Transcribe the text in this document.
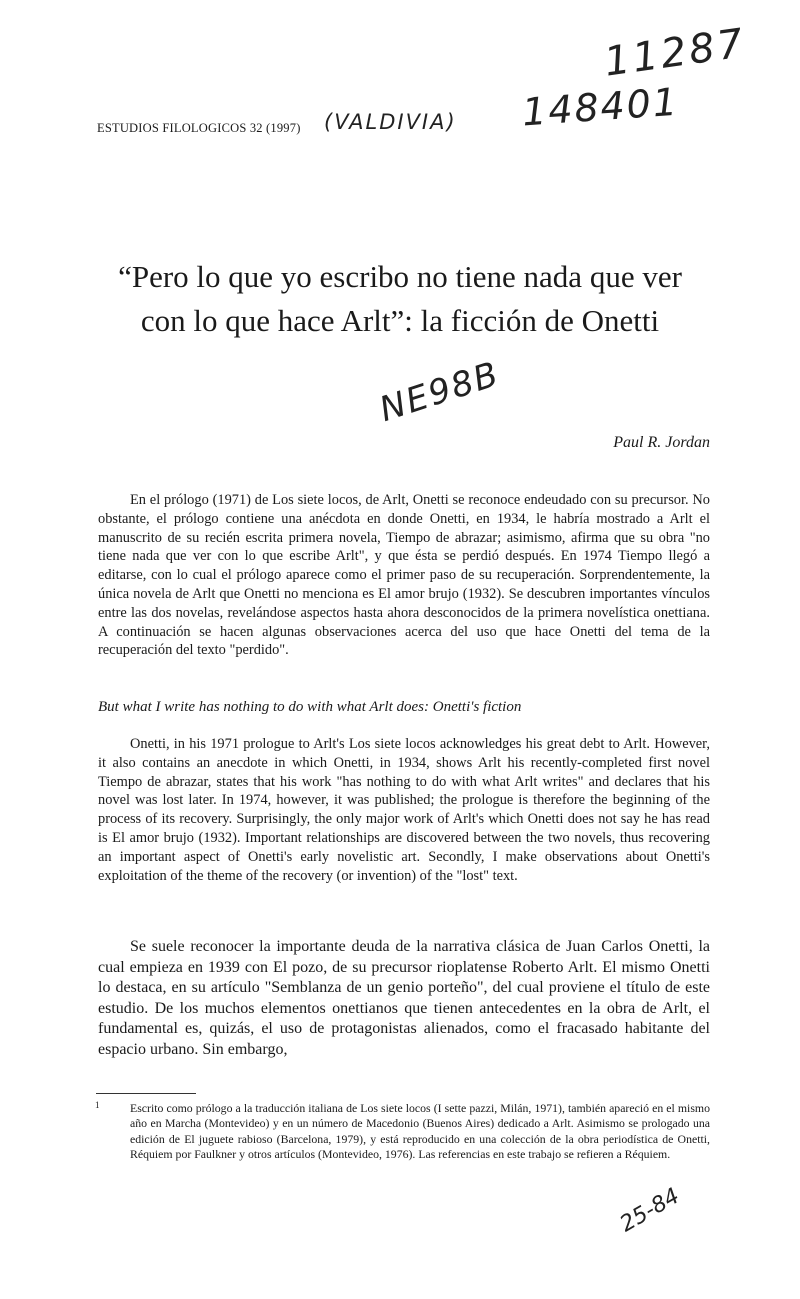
ESTUDIOS FILOLOGICOS 32 (1997) (VALDIVIA)
11287
148401
“Pero lo que yo escribo no tiene nada que ver
con lo que hace Arlt”: la ficción de Onetti
NE98B
Paul R. Jordan

En el prólogo (1971) de Los siete locos, de Arlt, Onetti se reconoce endeudado con su precursor. No obstante, el prólogo contiene una anécdota en donde Onetti, en 1934, le habría mostrado a Arlt el manuscrito de su recién escrita primera novela, Tiempo de abrazar; asimismo, afirma que su obra "no tiene nada que ver con lo que escribe Arlt", y que ésta se perdió después. En 1974 Tiempo llegó a editarse, con lo cual el prólogo aparece como el primer paso de su recuperación. Sorprendentemente, la única novela de Arlt que Onetti no menciona es El amor brujo (1932). Se descubren importantes vínculos entre las dos novelas, revelándose aspectos hasta ahora desconocidos de la primera novelística onettiana. A continuación se hacen algunas observaciones acerca del uso que hace Onetti del tema de la recuperación del texto "perdido".

But what I write has nothing to do with what Arlt does: Onetti's fiction

Onetti, in his 1971 prologue to Arlt's Los siete locos acknowledges his great debt to Arlt. However, it also contains an anecdote in which Onetti, in 1934, shows Arlt his recently-completed first novel Tiempo de abrazar, states that his work "has nothing to do with what Arlt writes" and declares that his novel was lost later. In 1974, however, it was published; the prologue is therefore the beginning of the process of its recovery. Surprisingly, the only major work of Arlt's which Onetti does not say he has read is El amor brujo (1932). Important relationships are discovered between the two novels, thus recovering an important aspect of Onetti's early novelistic art. Secondly, I make observations about Onetti's exploitation of the theme of the recovery (or invention) of the "lost" text.

Se suele reconocer la importante deuda de la narrativa clásica de Juan Carlos Onetti, la cual empieza en 1939 con El pozo, de su precursor rioplatense Roberto Arlt. El mismo Onetti lo destaca, en su artículo "Semblanza de un genio porteño", del cual proviene el título de este estudio. De los muchos elementos onettianos que tienen antecedentes en la obra de Arlt, el fundamental es, quizás, el uso de protagonistas alienados, como el fracasado habitante del espacio urbano. Sin embargo,

1	Escrito como prólogo a la traducción italiana de Los siete locos (I sette pazzi, Milán, 1971), también apareció en el mismo año en Marcha (Montevideo) y en un número de Macedonio (Buenos Aires) dedicado a Arlt. Asimismo se prologado una edición de El juguete rabioso (Barcelona, 1979), y está reproducido en una colección de la obra periodística de Onetti, Réquiem por Faulkner y otros artículos (Montevideo, 1976). Las referencias en este trabajo se refieren a Réquiem.

25-84
